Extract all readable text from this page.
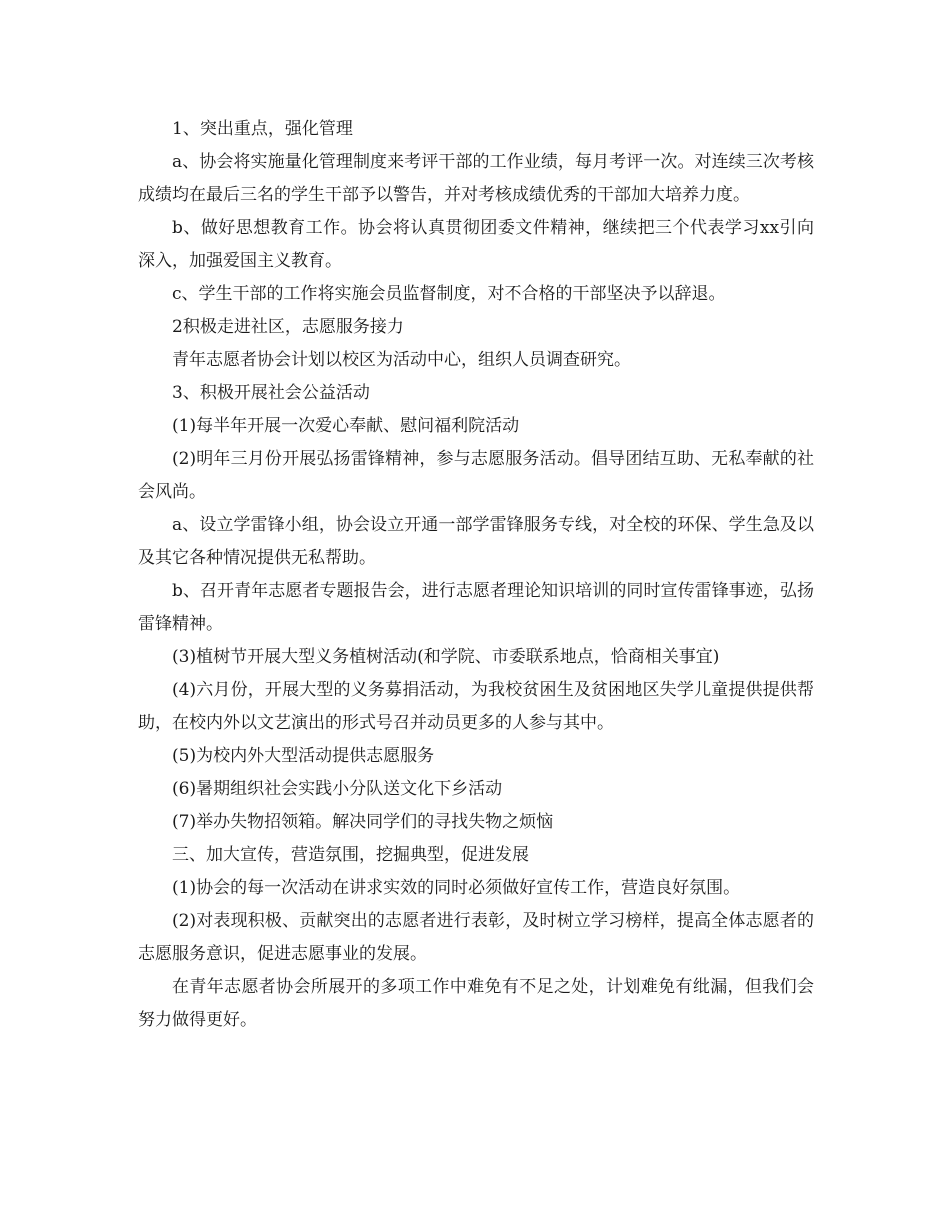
1、突出重点，强化管理

a、协会将实施量化管理制度来考评干部的工作业绩，每月考评一次。对连续三次考核成绩均在最后三名的学生干部予以警告，并对考核成绩优秀的干部加大培养力度。

b、做好思想教育工作。协会将认真贯彻团委文件精神，继续把三个代表学习xx引向深入，加强爱国主义教育。

c、学生干部的工作将实施会员监督制度，对不合格的干部坚决予以辞退。

2积极走进社区，志愿服务接力

青年志愿者协会计划以校区为活动中心，组织人员调查研究。

3、积极开展社会公益活动

(1)每半年开展一次爱心奉献、慰问福利院活动

(2)明年三月份开展弘扬雷锋精神，参与志愿服务活动。倡导团结互助、无私奉献的社会风尚。

a、设立学雷锋小组，协会设立开通一部学雷锋服务专线，对全校的环保、学生急及以及其它各种情况提供无私帮助。

b、召开青年志愿者专题报告会，进行志愿者理论知识培训的同时宣传雷锋事迹，弘扬雷锋精神。

(3)植树节开展大型义务植树活动(和学院、市委联系地点，恰商相关事宜)

(4)六月份，开展大型的义务募捐活动，为我校贫困生及贫困地区失学儿童提供提供帮助，在校内外以文艺演出的形式号召并动员更多的人参与其中。

(5)为校内外大型活动提供志愿服务

(6)暑期组织社会实践小分队送文化下乡活动

(7)举办失物招领箱。解决同学们的寻找失物之烦恼

三、加大宣传，营造氛围，挖掘典型，促进发展

(1)协会的每一次活动在讲求实效的同时必须做好宣传工作，营造良好氛围。

(2)对表现积极、贡献突出的志愿者进行表彰，及时树立学习榜样，提高全体志愿者的志愿服务意识，促进志愿事业的发展。

在青年志愿者协会所展开的多项工作中难免有不足之处，计划难免有纰漏，但我们会努力做得更好。
